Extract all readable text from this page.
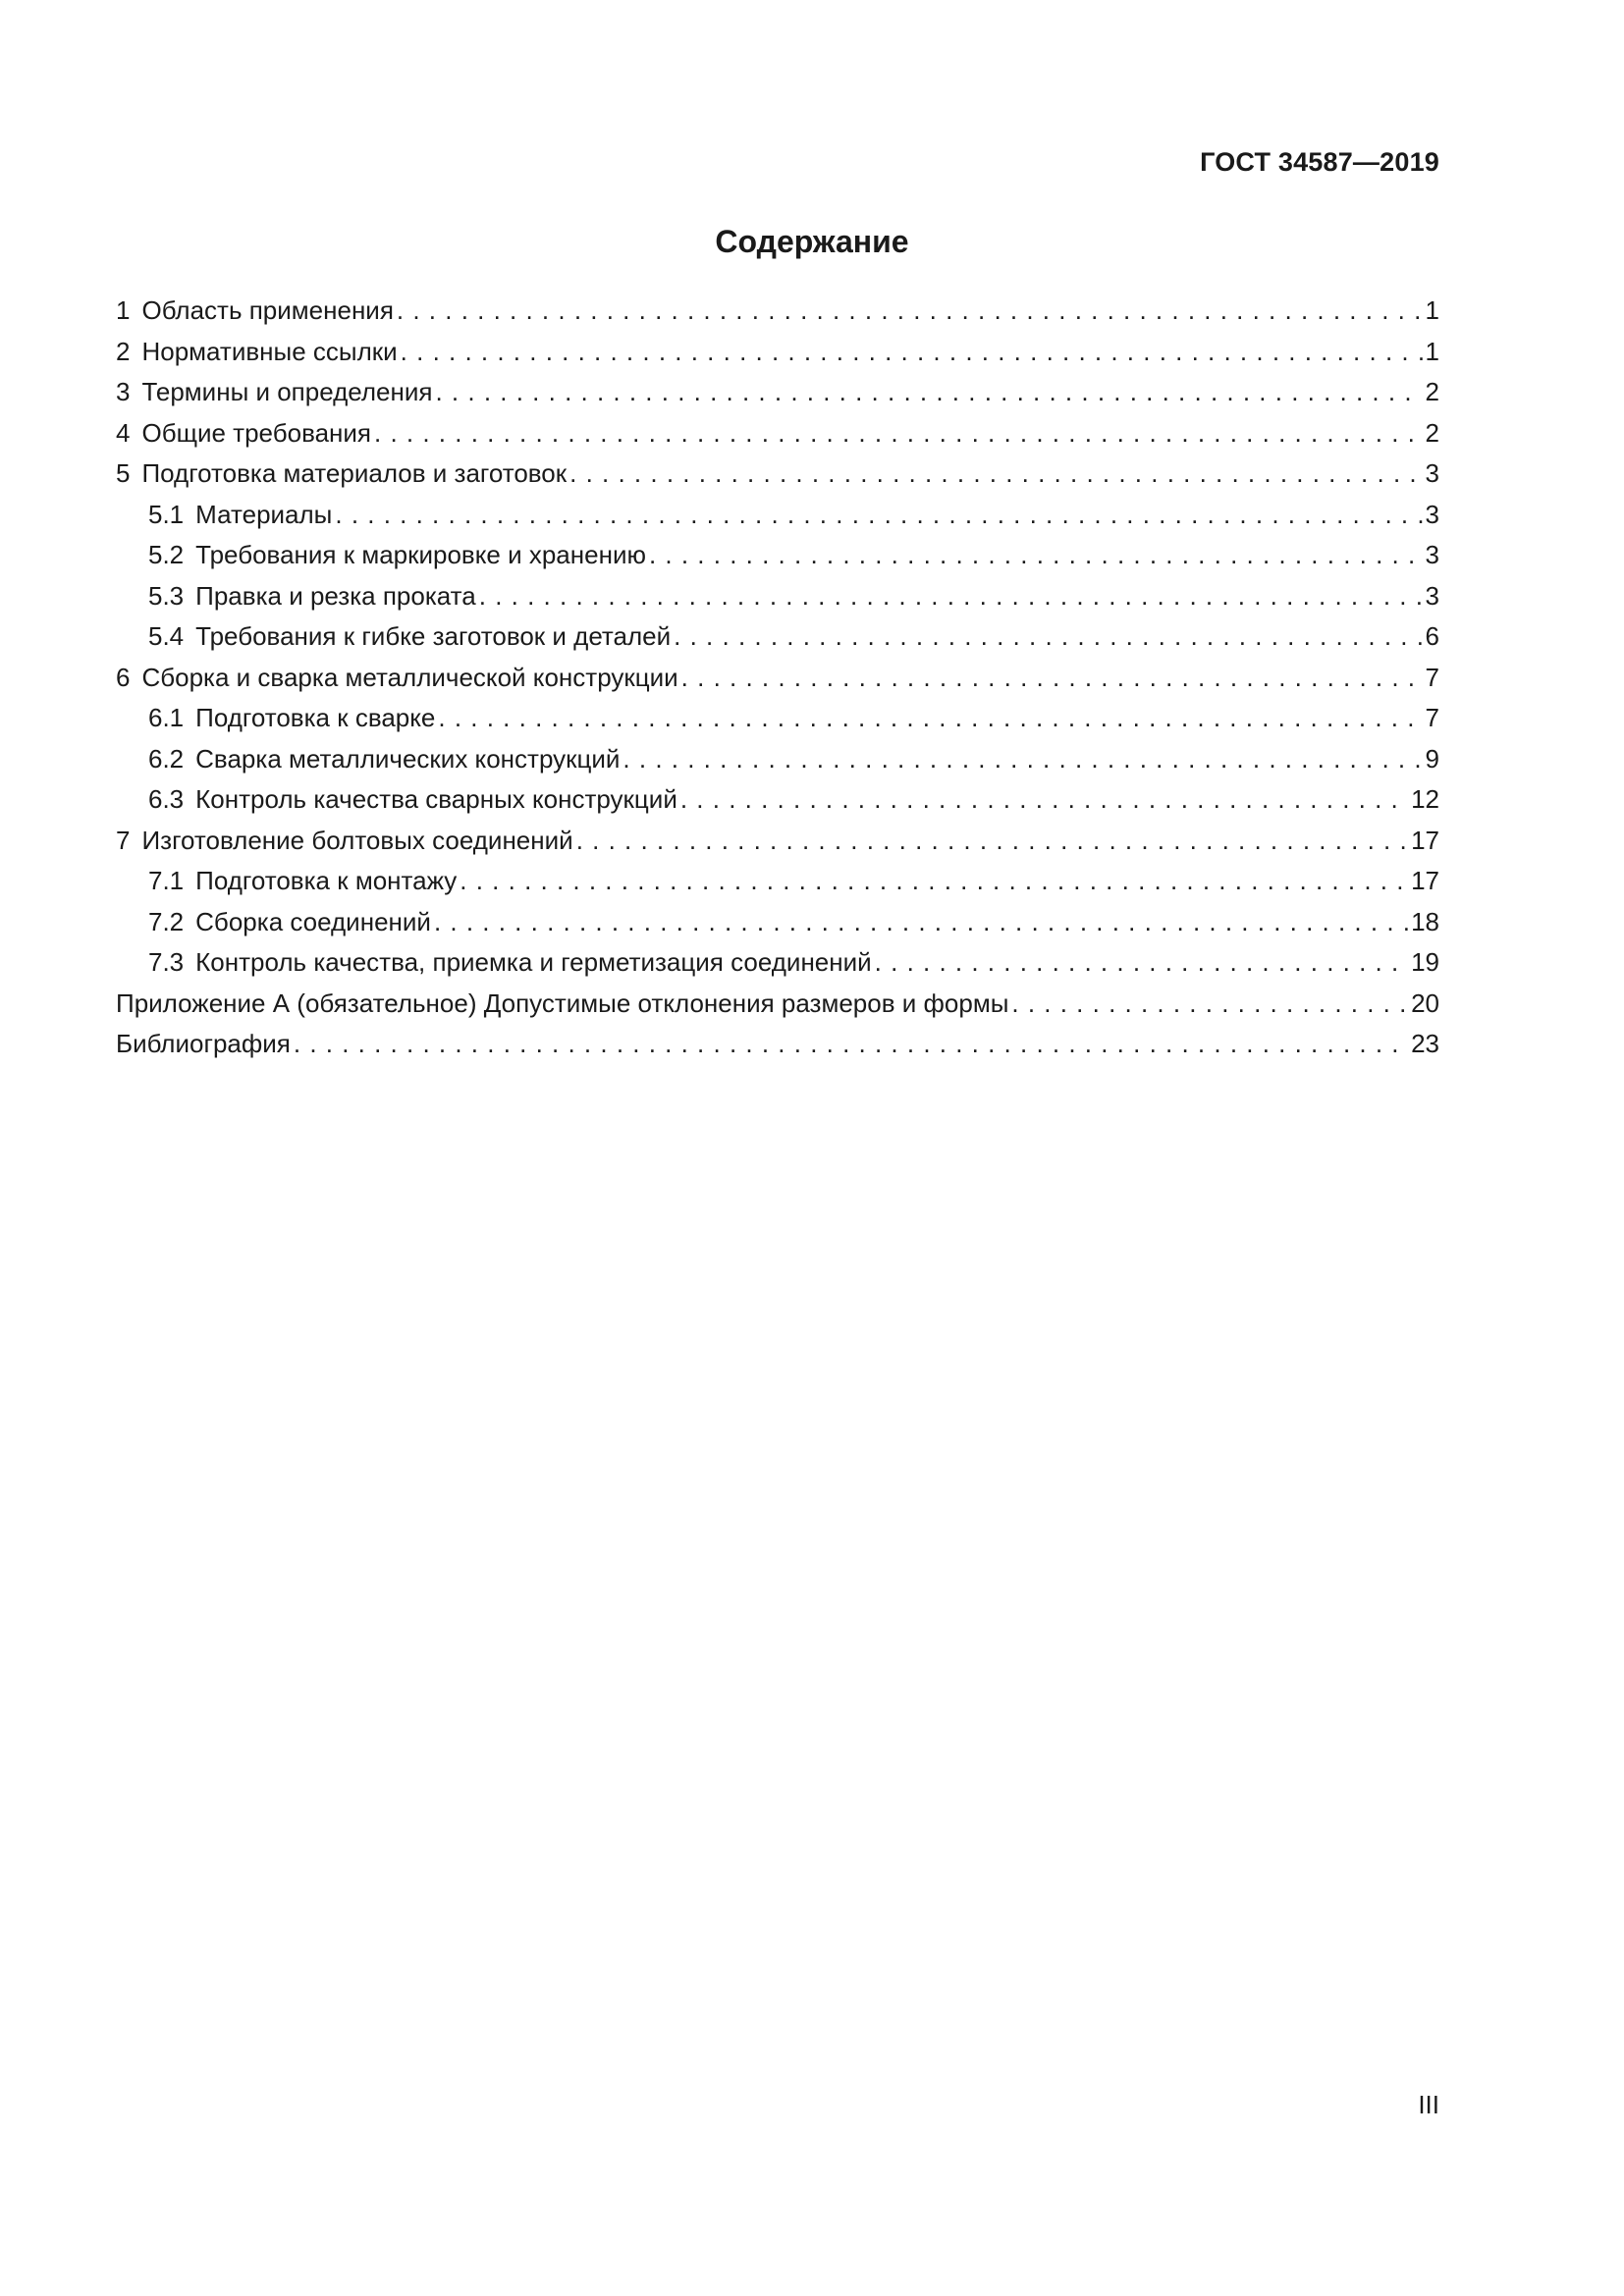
ГОСТ 34587—2019
Содержание
1 Область применения . . .	1
2 Нормативные ссылки . . .	1
3 Термины и определения . . .	2
4 Общие требования . . .	2
5 Подготовка материалов и заготовок . . .	3
5.1 Материалы . . .	3
5.2 Требования к маркировке и хранению . . .	3
5.3 Правка и резка проката . . .	3
5.4 Требования к гибке заготовок и деталей . . .	6
6 Сборка и сварка металлической конструкции . . .	7
6.1 Подготовка к сварке . . .	7
6.2 Сварка металлических конструкций . . .	9
6.3 Контроль качества сварных конструкций . . .	12
7 Изготовление болтовых соединений . . .	17
7.1 Подготовка к монтажу . . .	17
7.2 Сборка соединений . . .	18
7.3 Контроль качества, приемка и герметизация соединений . . .	19
Приложение А (обязательное) Допустимые отклонения размеров и формы . . .	20
Библиография . . .	23
III
